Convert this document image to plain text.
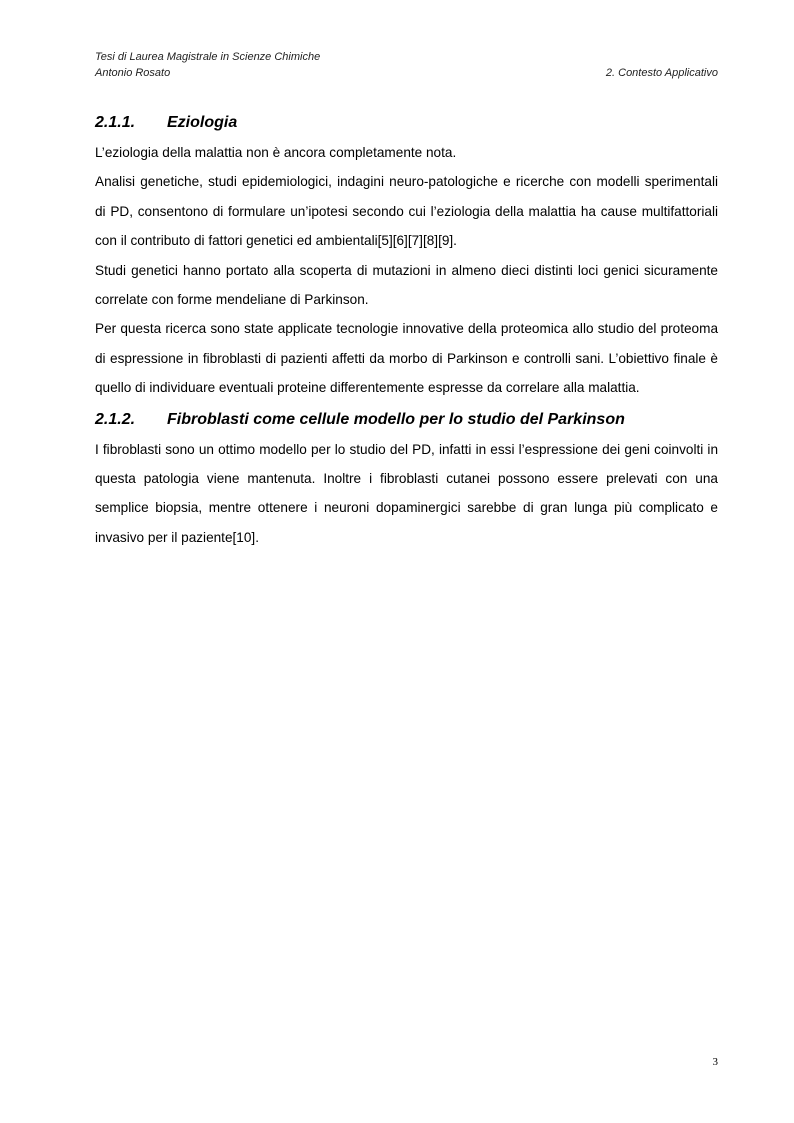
Tesi di Laurea Magistrale in Scienze Chimiche
Antonio Rosato	2. Contesto Applicativo
2.1.1.	Eziologia

L’eziologia della malattia non è ancora completamente nota.

Analisi genetiche, studi epidemiologici, indagini neuro-patologiche e ricerche con modelli sperimentali di PD, consentono di formulare un’ipotesi secondo cui l’eziologia della malattia ha cause multifattoriali con il contributo di fattori genetici ed ambientali[5][6][7][8][9].

Studi genetici hanno portato alla scoperta di mutazioni in almeno dieci distinti loci genici sicuramente correlate con forme mendeliane di Parkinson.

Per questa ricerca sono state applicate tecnologie innovative della proteomica allo studio del proteoma di espressione in fibroblasti di pazienti affetti da morbo di Parkinson e controlli sani. L’obiettivo finale è quello di individuare eventuali proteine differentemente espresse da correlare alla malattia.

2.1.2.	Fibroblasti come cellule modello per lo studio del Parkinson

I fibroblasti sono un ottimo modello per lo studio del PD, infatti in essi l’espressione dei geni coinvolti in questa patologia viene mantenuta. Inoltre i fibroblasti cutanei possono essere prelevati con una semplice biopsia, mentre ottenere i neuroni dopaminergici sarebbe di gran lunga più complicato e invasivo per il paziente[10].

3
